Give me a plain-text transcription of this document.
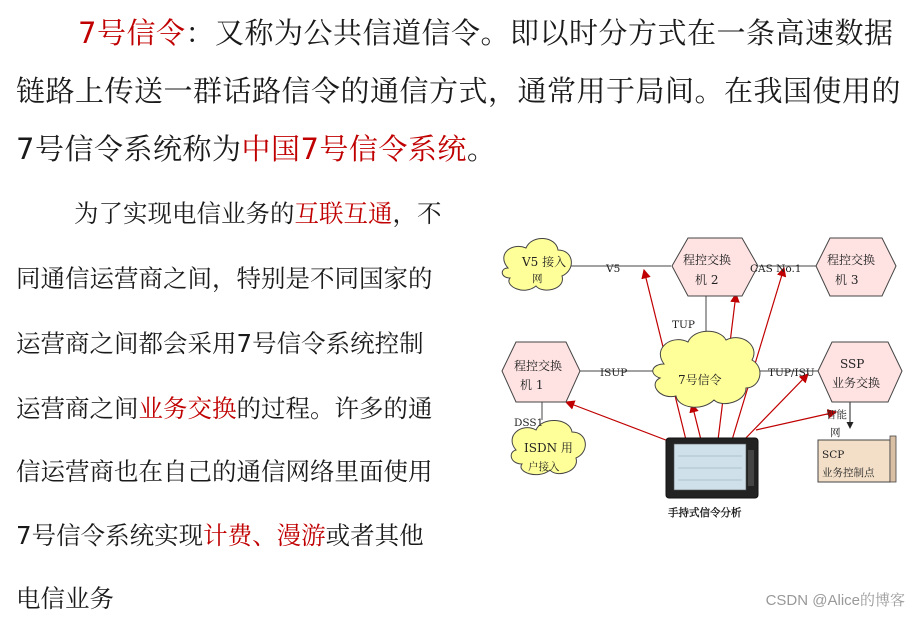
7号信令：又称为公共信道信令。即以时分方式在一条高速数据链路上传送一群话路信令的通信方式，通常用于局间。在我国使用的7号信令系统称为中国7号信令系统。

为了实现电信业务的互联互通，不

同通信运营商之间，特别是不同国家的

运营商之间都会采用7号信令系统控制

运营商之间业务交换的过程。许多的通

信运营商也在自己的通信网络里面使用

7号信令系统实现计费、漫游或者其他

电信业务

V5 接入
网
程控交换
机 2
程控交换
机 3
程控交换
机 1
SSP
业务交换
7号信令
ISDN 用
户接入
SCP
业务控制点
V5	CAS No.1
TUP
ISUP	TUP/ISU
DSS1
智能
网
手持式信令分析
CSDN @Alice的博客
